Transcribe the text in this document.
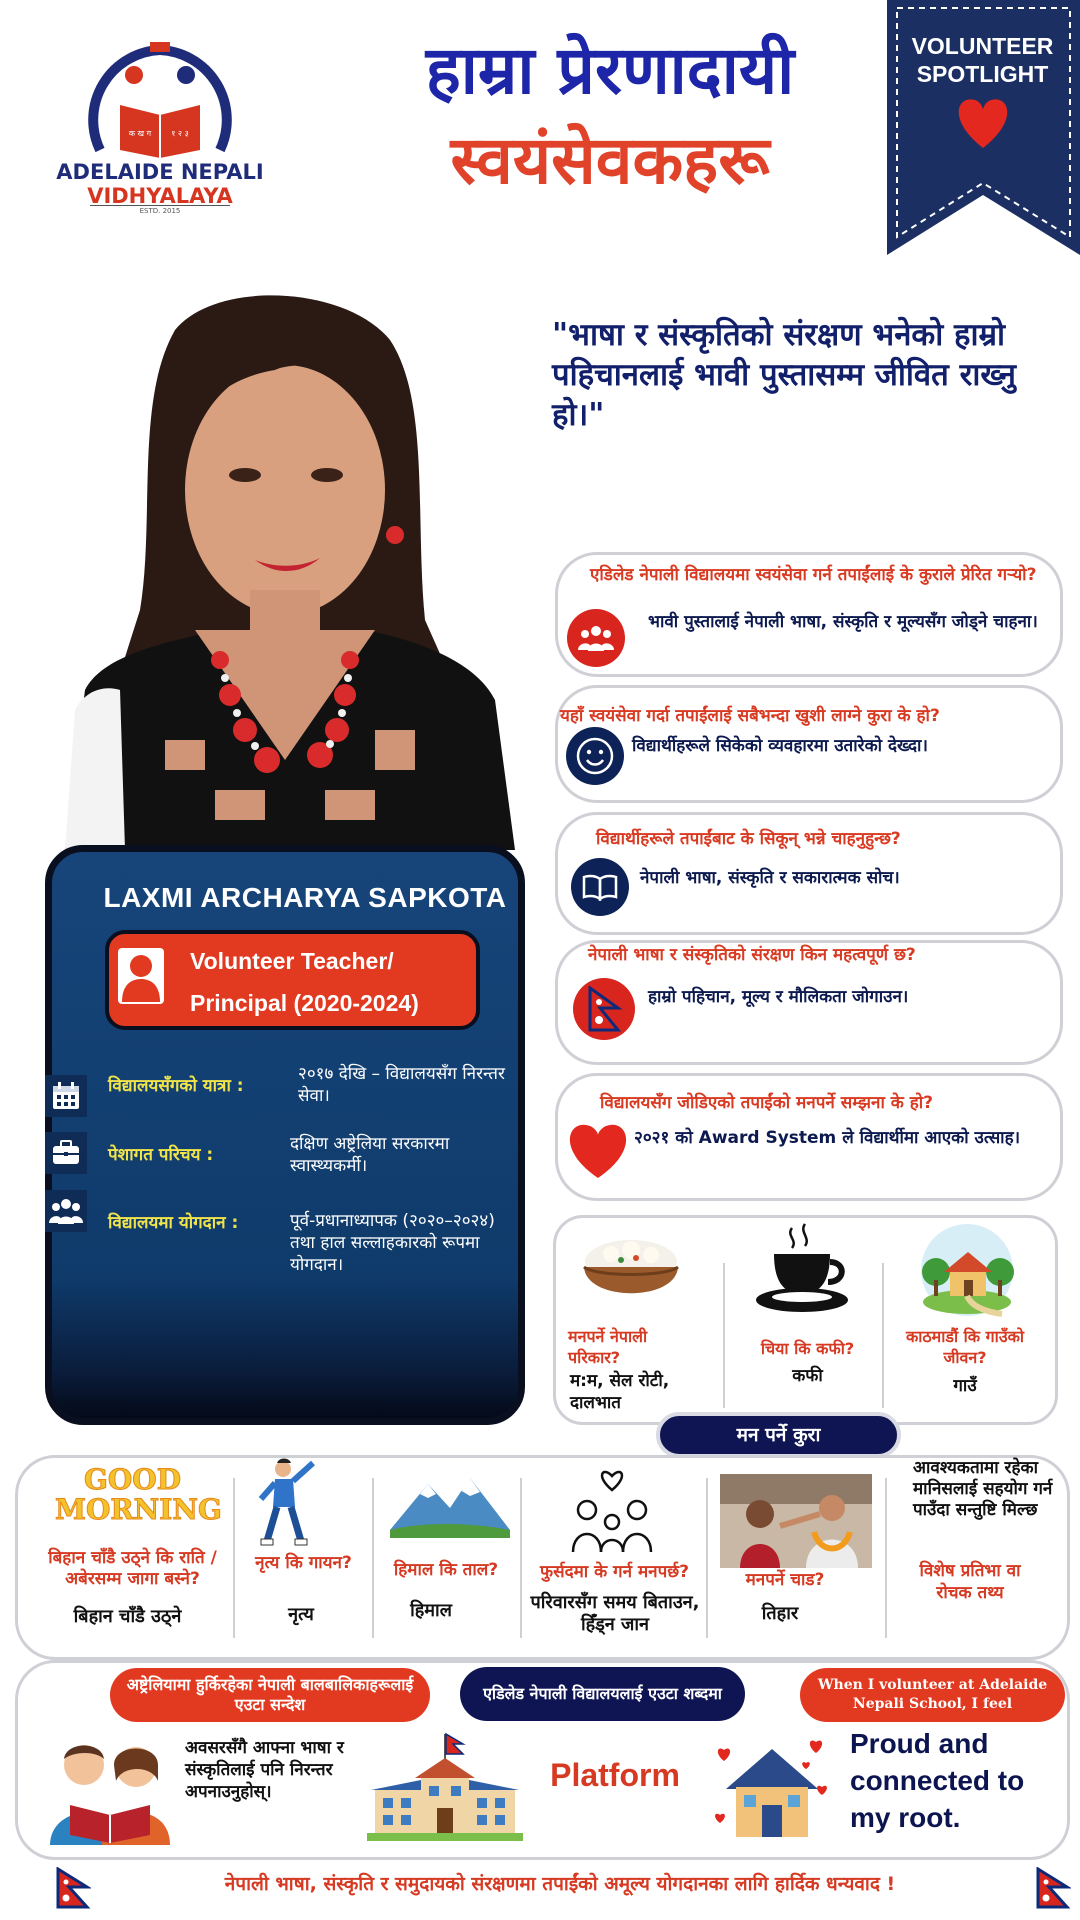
क ख ग	१ २ ३
ADELAIDE NEPALI
VIDHYALAYA
ESTD. 2015
हाम्रा प्रेरणादायी
स्वयंसेवकहरू
VOLUNTEER
SPOTLIGHT
"भाषा र संस्कृतिको संरक्षण भनेको हाम्रो पहिचानलाई भावी पुस्तासम्म जीवित राख्नु हो।"
LAXMI ARCHARYA SAPKOTA
Volunteer Teacher/
Principal (2020-2024)
विद्यालयसँगको यात्रा :
२०१७ देखि – विद्यालयसँग निरन्तर सेवा।
पेशागत परिचय :
दक्षिण अष्ट्रेलिया सरकारमा स्वास्थ्यकर्मी।
विद्यालयमा योगदान :	पूर्व-प्रधानाध्यापक (२०२०–२०२४) तथा हाल सल्लाहकारको रूपमा योगदान।
एडिलेड नेपाली विद्यालयमा स्वयंसेवा गर्न तपाईंलाई के कुराले प्रेरित गर्‍यो?
भावी पुस्तालाई नेपाली भाषा, संस्कृति र मूल्यसँग जोड्ने चाहना।
यहाँ स्वयंसेवा गर्दा तपाईंलाई सबैभन्दा खुशी लाग्ने कुरा के हो?
विद्यार्थीहरूले सिकेको व्यवहारमा उतारेको देख्दा।
विद्यार्थीहरूले तपाईंबाट के सिकून् भन्ने चाहनुहुन्छ?
नेपाली भाषा, संस्कृति र सकारात्मक सोच।
नेपाली भाषा र संस्कृतिको संरक्षण किन महत्वपूर्ण छ?
हाम्रो पहिचान, मूल्य र मौलिकता जोगाउन।
विद्यालयसँग जोडिएको तपाईंको मनपर्ने सम्झना के हो?
२०२१ को Award System ले विद्यार्थीमा आएको उत्साह।
मनपर्ने नेपाली परिकार?
म:म, सेल रोटी, दालभात
चिया कि कफी?
कफी
काठमाडौं कि गाउँको जीवन?
गाउँ
मन पर्ने कुरा
GOOD MORNING
बिहान चाँडै उठ्ने कि राति / अबेरसम्म जागा बस्ने?
बिहान चाँडै उठ्ने
नृत्य कि गायन?
नृत्य
हिमाल कि ताल?
हिमाल
फुर्सदमा के गर्न मनपर्छ?
परिवारसँग समय बिताउन, हिँड्न जान
मनपर्ने चाड?
तिहार
आवश्यकतामा रहेका मानिसलाई सहयोग गर्न पाउँदा सन्तुष्टि मिल्छ
विशेष प्रतिभा वा रोचक तथ्य
अष्ट्रेलियामा हुर्किरहेका नेपाली बालबालिकाहरूलाई एउटा सन्देश
एडिलेड नेपाली विद्यालयलाई एउटा शब्दमा	When I volunteer at Adelaide Nepali School, I feel
अवसरसँगै आफ्ना भाषा र संस्कृतिलाई पनि निरन्तर अपनाउनुहोस्।	Platform
Proud and connected to my root.
नेपाली भाषा, संस्कृति र समुदायको संरक्षणमा तपाईंको अमूल्य योगदानका लागि हार्दिक धन्यवाद !
